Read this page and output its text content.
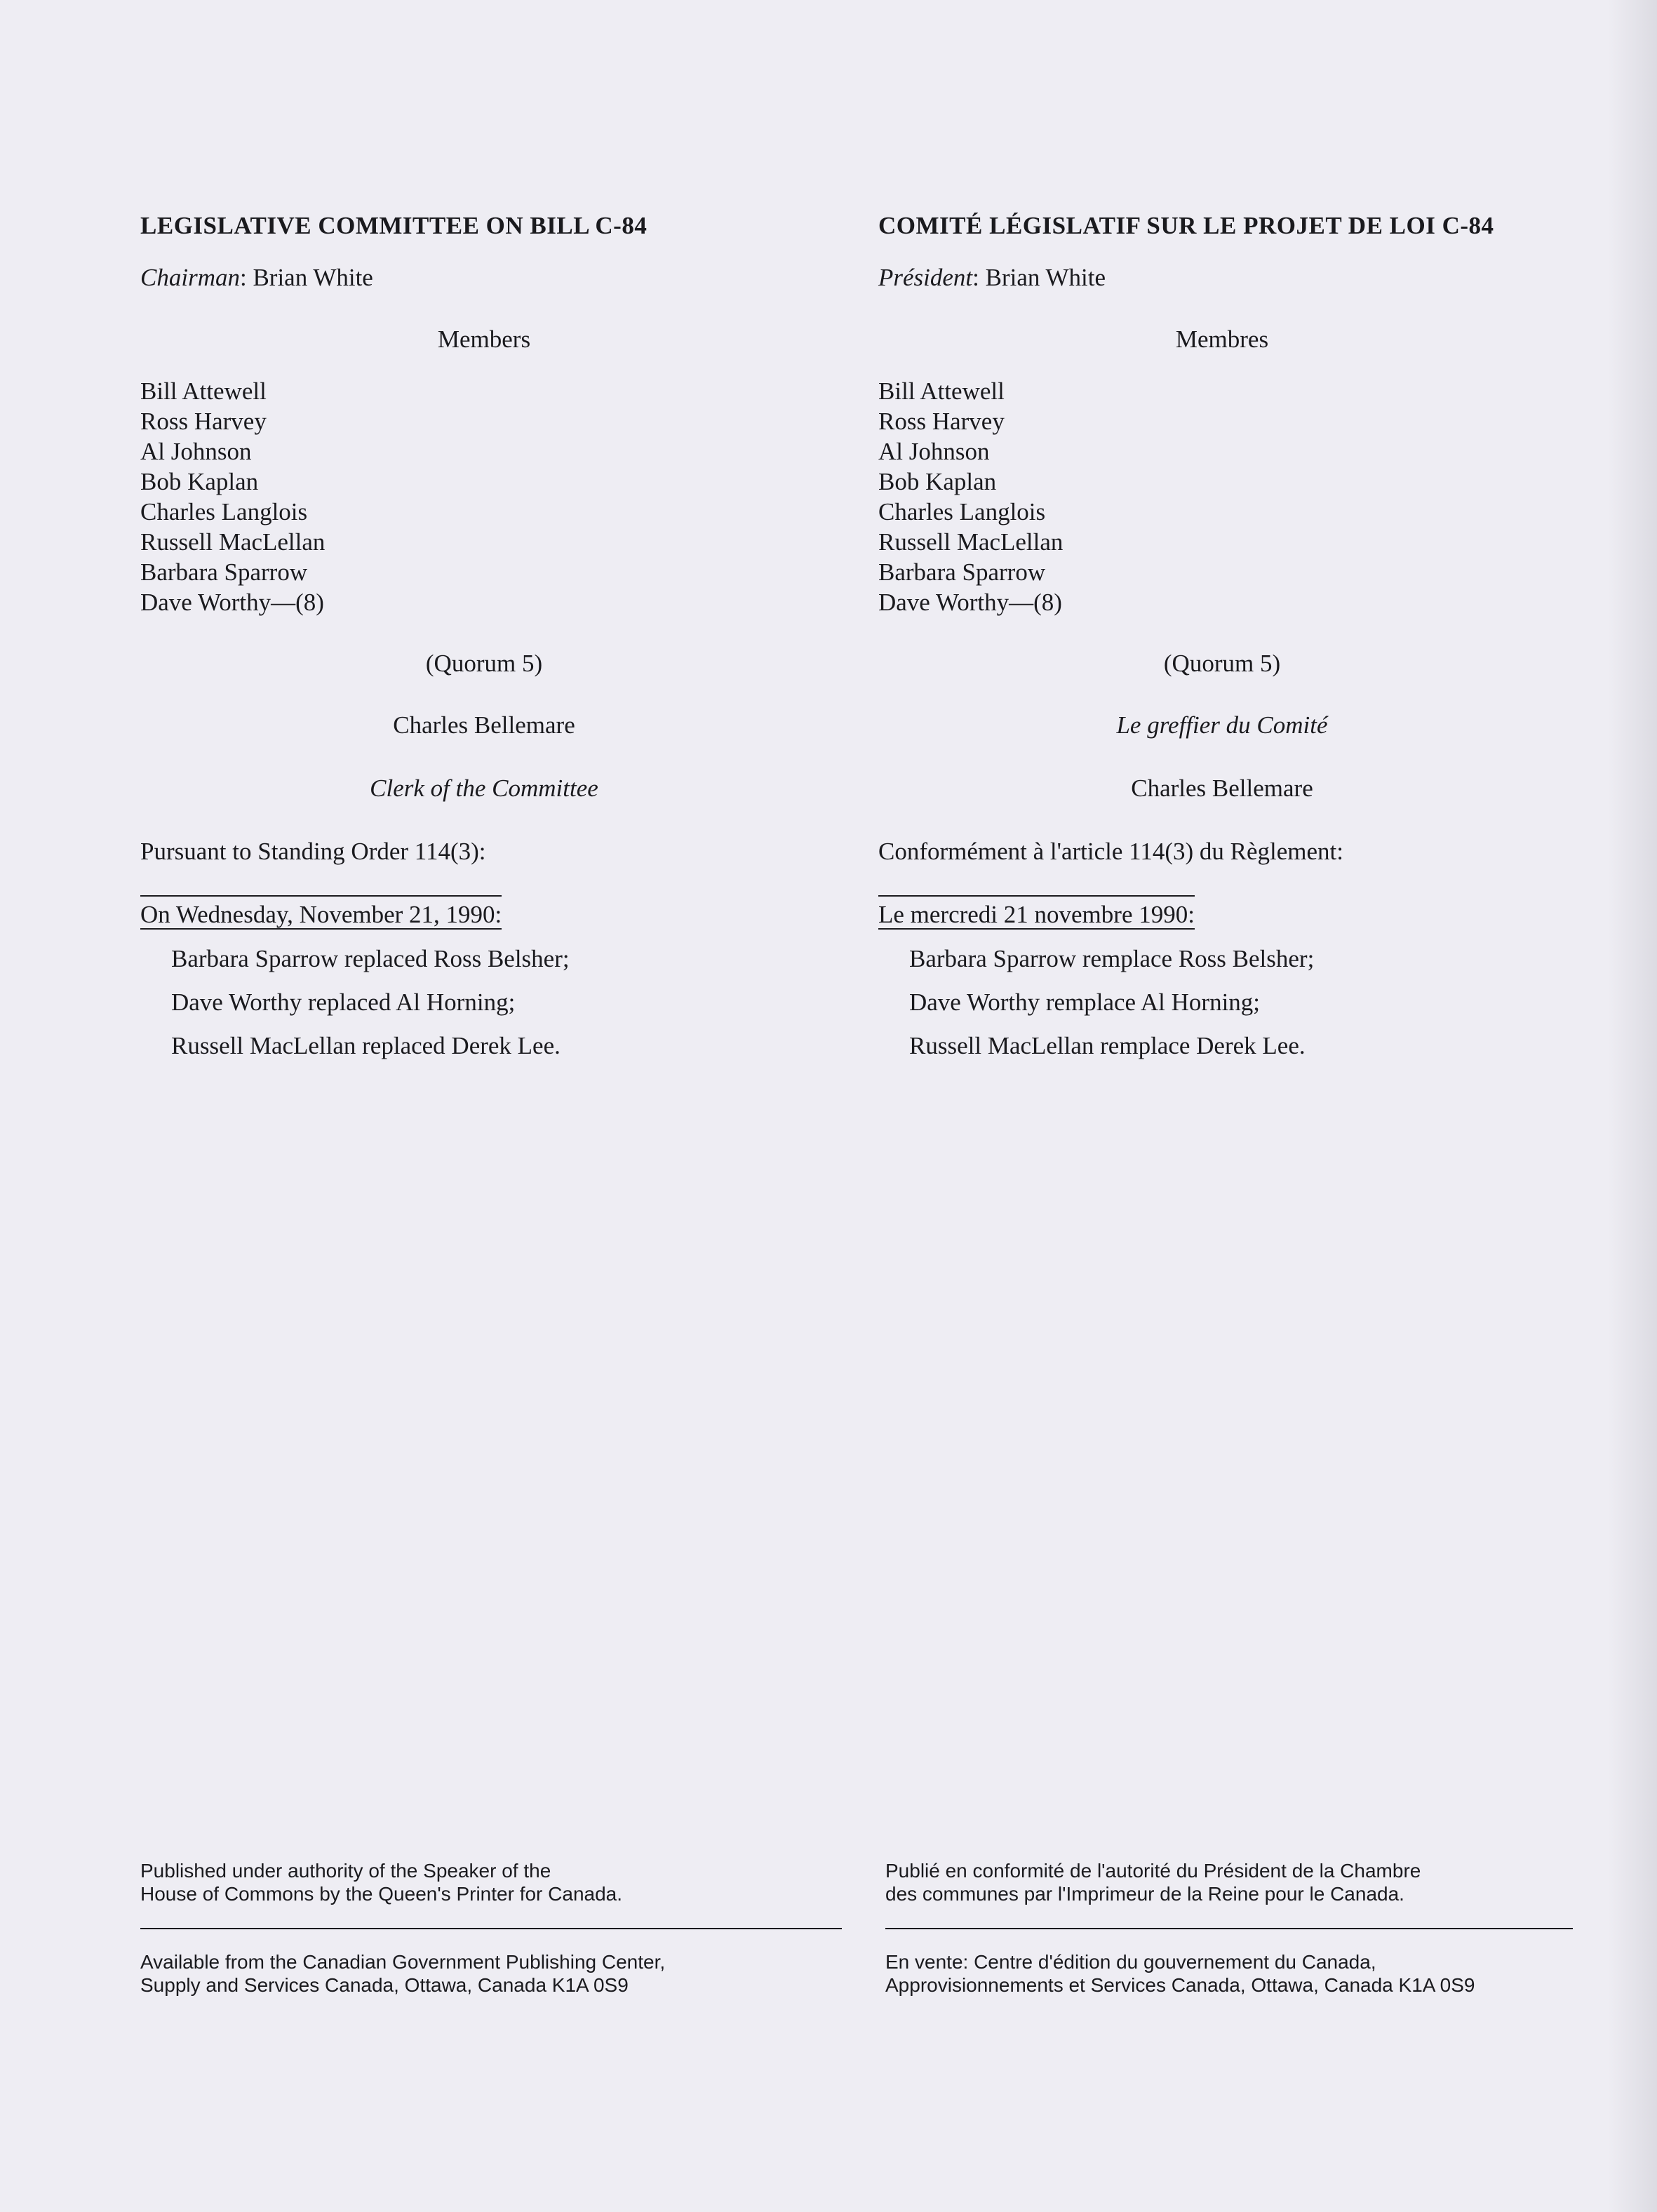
LEGISLATIVE COMMITTEE ON BILL C-84
Chairman: Brian White
Members
Bill Attewell
Ross Harvey
Al Johnson
Bob Kaplan
Charles Langlois
Russell MacLellan
Barbara Sparrow
Dave Worthy—(8)
(Quorum 5)
Charles Bellemare
Clerk of the Committee
Pursuant to Standing Order 114(3):
On Wednesday, November 21, 1990:
Barbara Sparrow replaced Ross Belsher;
Dave Worthy replaced Al Horning;
Russell MacLellan replaced Derek Lee.
COMITÉ LÉGISLATIF SUR LE PROJET DE LOI C-84
Président: Brian White
Membres
Bill Attewell
Ross Harvey
Al Johnson
Bob Kaplan
Charles Langlois
Russell MacLellan
Barbara Sparrow
Dave Worthy—(8)
(Quorum 5)
Le greffier du Comité
Charles Bellemare
Conformément à l'article 114(3) du Règlement:
Le mercredi 21 novembre 1990:
Barbara Sparrow remplace Ross Belsher;
Dave Worthy remplace Al Horning;
Russell MacLellan remplace Derek Lee.

Published under authority of the Speaker of the

House of Commons by the Queen's Printer for Canada.

Available from the Canadian Government Publishing Center,

Supply and Services Canada, Ottawa, Canada K1A 0S9

Publié en conformité de l'autorité du Président de la Chambre

des communes par l'Imprimeur de la Reine pour le Canada.

En vente: Centre d'édition du gouvernement du Canada,

Approvisionnements et Services Canada, Ottawa, Canada K1A 0S9
